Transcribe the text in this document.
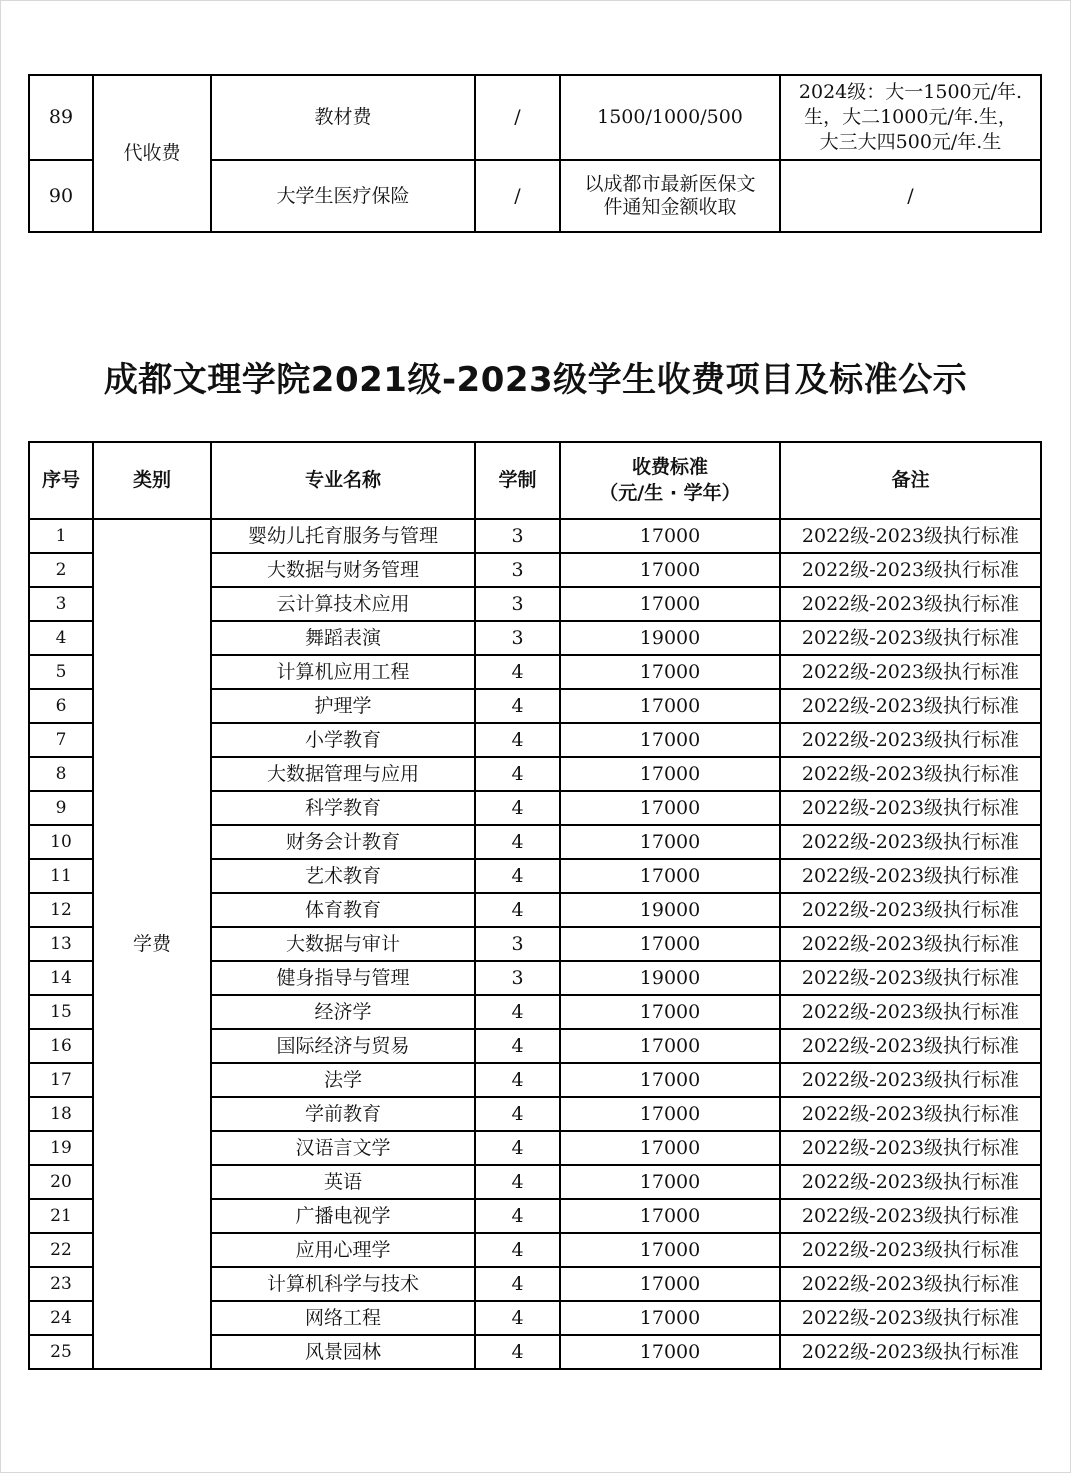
89	代收费	教材费	/	1500/1000/500	2024级：大一1500元/年.
生，大二1000元/年.生，
大三大四500元/年.生

90		大学生医疗保险	/	以成都市最新医保文
件通知金额收取	/
成都文理学院2021级-2023级学生收费项目及标准公示
序号	类别	专业名称	学制	收费标准
（元/生 · 学年）	备注
1	学费	婴幼儿托育服务与管理	3	17000	2022级-2023级执行标准
2		大数据与财务管理	3	17000	2022级-2023级执行标准
3		云计算技术应用	3	17000	2022级-2023级执行标准
4		舞蹈表演	3	19000	2022级-2023级执行标准
5		计算机应用工程	4	17000	2022级-2023级执行标准
6		护理学	4	17000	2022级-2023级执行标准
7		小学教育	4	17000	2022级-2023级执行标准
8		大数据管理与应用	4	17000	2022级-2023级执行标准
9		科学教育	4	17000	2022级-2023级执行标准
10		财务会计教育	4	17000	2022级-2023级执行标准
11		艺术教育	4	17000	2022级-2023级执行标准
12		体育教育	4	19000	2022级-2023级执行标准
13		大数据与审计	3	17000	2022级-2023级执行标准
14		健身指导与管理	3	19000	2022级-2023级执行标准
15		经济学	4	17000	2022级-2023级执行标准
16		国际经济与贸易	4	17000	2022级-2023级执行标准
17		法学	4	17000	2022级-2023级执行标准
18		学前教育	4	17000	2022级-2023级执行标准
19		汉语言文学	4	17000	2022级-2023级执行标准
20		英语	4	17000	2022级-2023级执行标准
21		广播电视学	4	17000	2022级-2023级执行标准
22		应用心理学	4	17000	2022级-2023级执行标准
23		计算机科学与技术	4	17000	2022级-2023级执行标准
24		网络工程	4	17000	2022级-2023级执行标准
25		风景园林	4	17000	2022级-2023级执行标准
